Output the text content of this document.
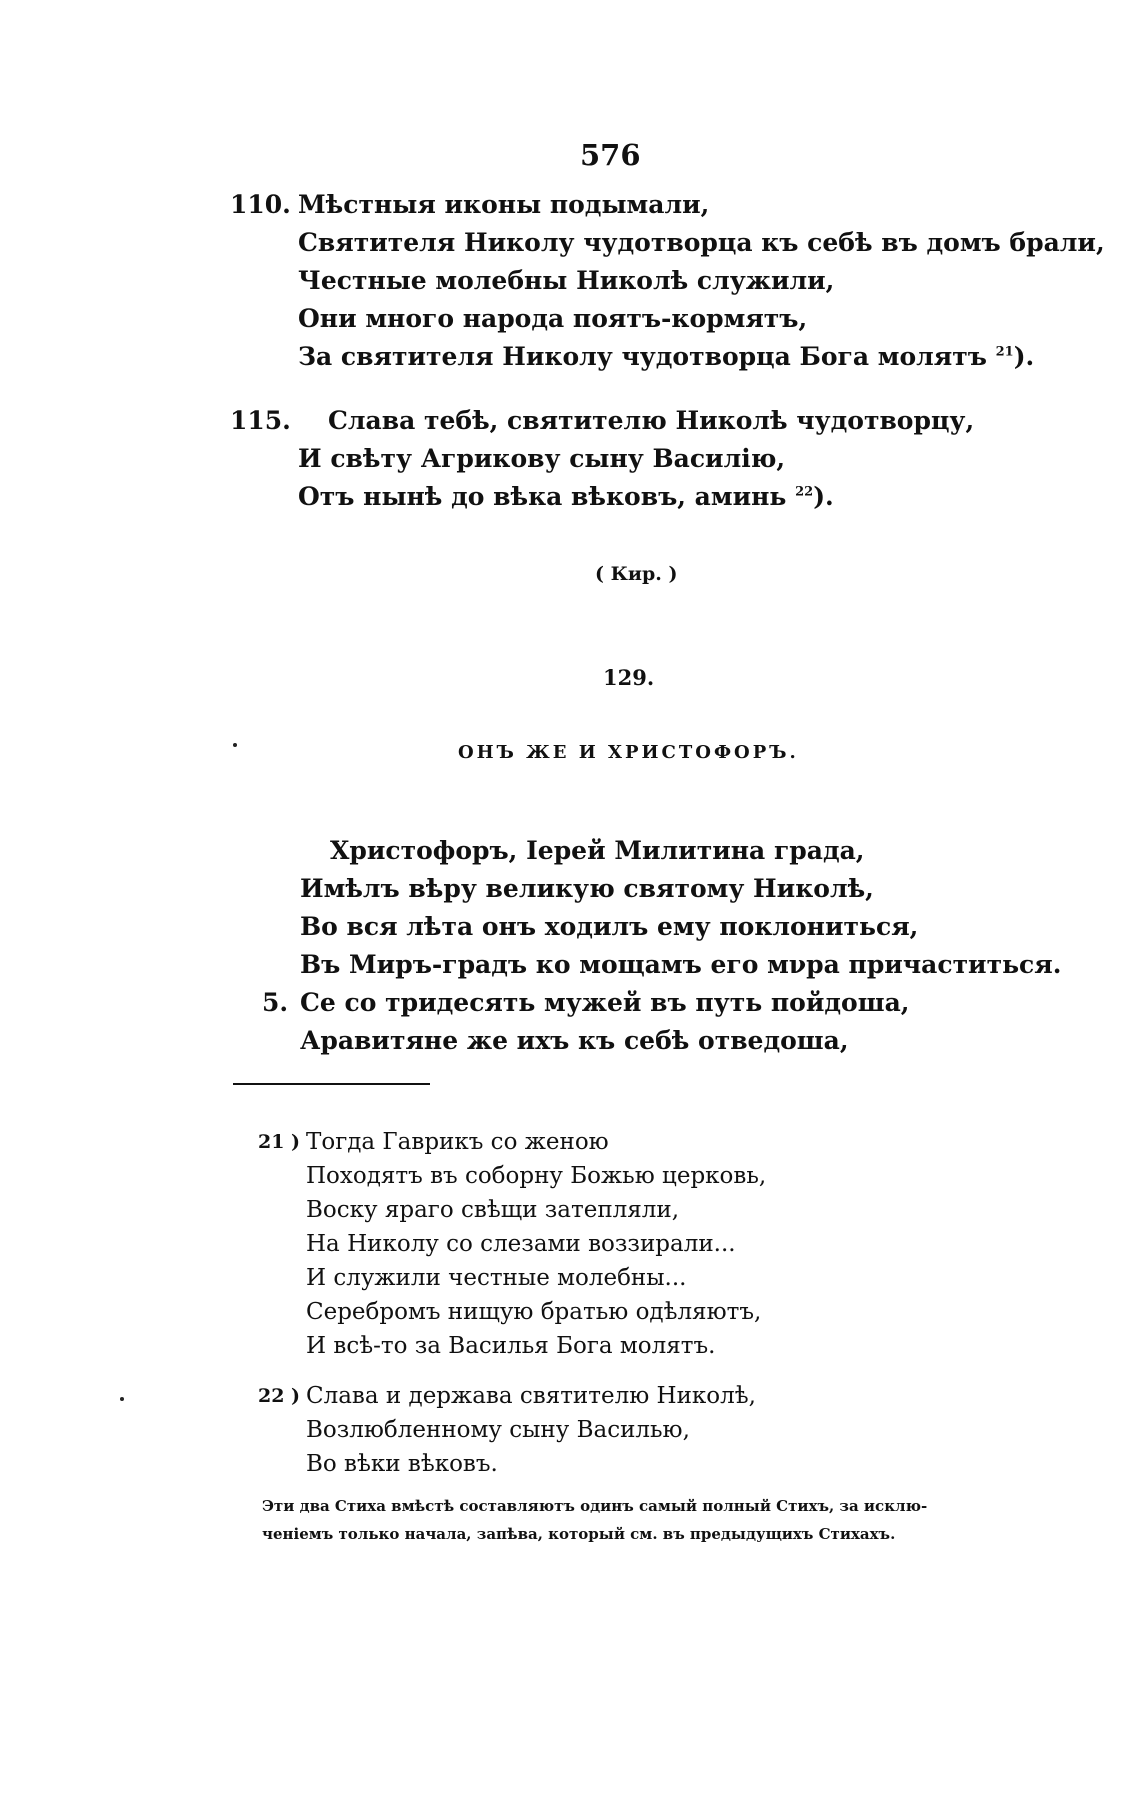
576
110. Мѣстныя иконы подымали,
Святителя Николу чудотворца къ себѣ въ домъ брали,
Честные молебны Николѣ служили,
Они много народа поятъ-кормятъ,
За святителя Николу чудотворца Бога молятъ $^{21}$).
115. Слава тебѣ, святителю Николѣ чудотворцу,
И свѣту Агрикову сыну Василію,
Отъ нынѣ до вѣка вѣковъ, аминь $^{22}$).
( Кир. )
129.
ОНЪ ЖЕ И ХРИСТОФОРЪ.
Христофоръ, Іерей Милитина града,
Имѣлъ вѣру великую святому Николѣ,
Во вся лѣта онъ ходилъ ему поклониться,
Въ Миръ-градъ ко мощамъ его мνра причаститься.
5. Се со тридесять мужей въ путь пойдоша,
Аравитяне же ихъ къ себѣ отведоша,
21 ) Тогда Гаврикъ со женою
Походятъ въ соборну Божью церковь,
Воску яраго свѣщи затепляли,
На Николу со слезами воззирали...
И служили честные молебны...
Серебромъ нищую братью одѣляютъ,
И всѣ-то за Василья Бога молятъ.
22 ) Слава и держава святителю Николѣ,
Возлюбленному сыну Василью,
Во вѣки вѣковъ.
Эти два Стиха вмѣстѣ составляютъ одинъ самый полный Стихъ, за исклю-
ченіемъ только начала, запѣва, который см. въ предыдущихъ Стихахъ.
